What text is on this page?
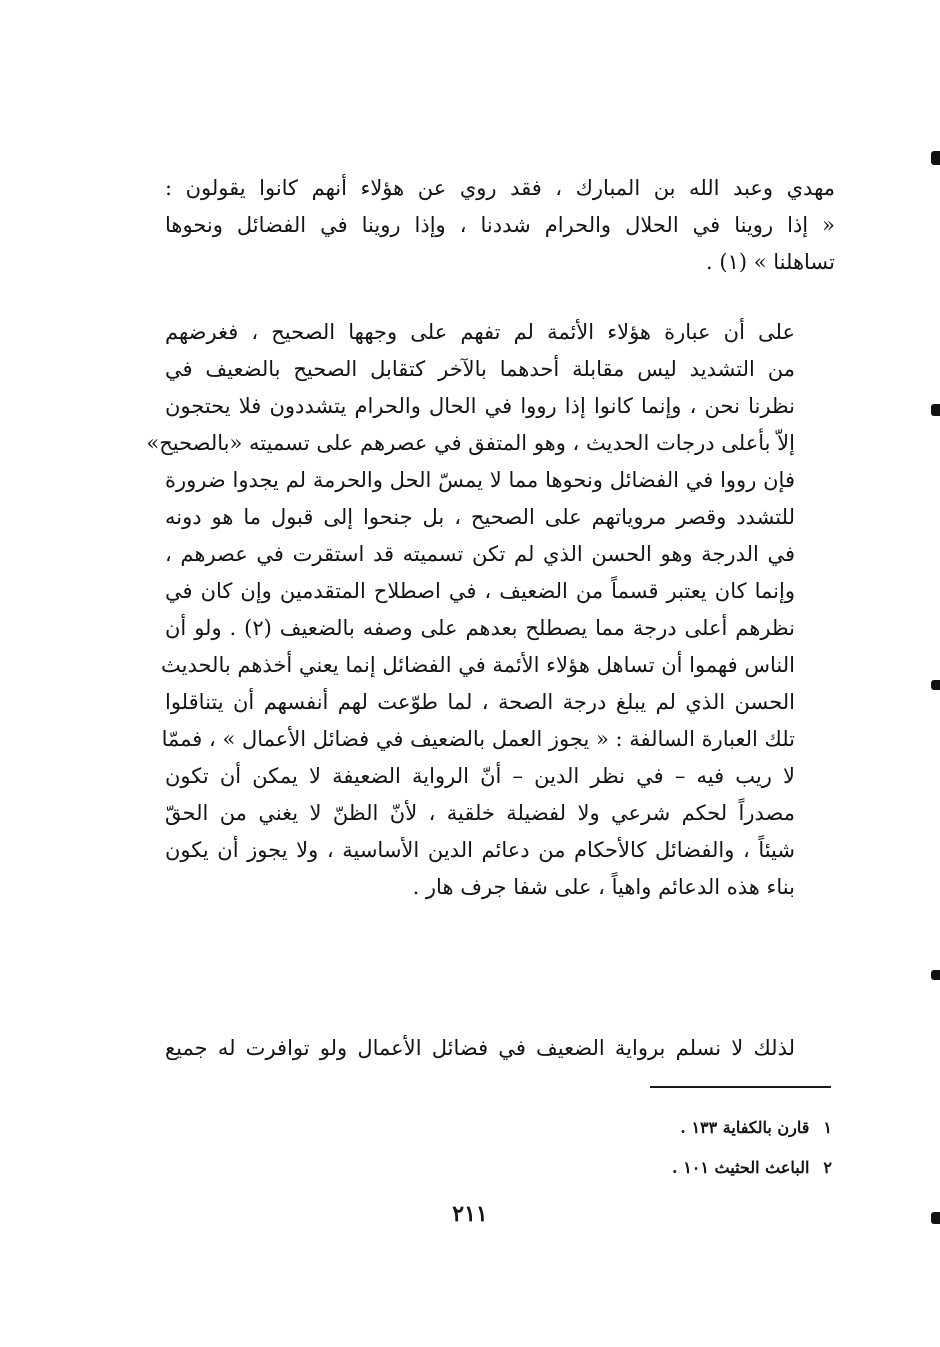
مهدي وعبد الله بن المبارك ، فقد روي عن هؤلاء أنهم كانوا يقولون :
« إذا روينا في الحلال والحرام شددنا ، وإذا روينا في الفضائل ونحوها
تساهلنا » (١) .
على أن عبارة هؤلاء الأئمة لم تفهم على وجهها الصحيح ، فغرضهم
من التشديد ليس مقابلة أحدهما بالآخر كتقابل الصحيح بالضعيف في
نظرنا نحن ، وإنما كانوا إذا رووا في الحال والحرام يتشددون فلا يحتجون
إلاّ بأعلى درجات الحديث ، وهو المتفق في عصرهم على تسميته «بالصحيح»
فإن رووا في الفضائل ونحوها مما لا يمسّ الحل والحرمة لم يجدوا ضرورة
للتشدد وقصر مروياتهم على الصحيح ، بل جنحوا إلى قبول ما هو دونه
في الدرجة وهو الحسن الذي لم تكن تسميته قد استقرت في عصرهم ،
وإنما كان يعتبر قسماً من الضعيف ، في اصطلاح المتقدمين وإن كان في
نظرهم أعلى درجة مما يصطلح بعدهم على وصفه بالضعيف (٢) . ولو أن
الناس فهموا أن تساهل هؤلاء الأئمة في الفضائل إنما يعني أخذهم بالحديث
الحسن الذي لم يبلغ درجة الصحة ، لما طوّعت لهم أنفسهم أن يتناقلوا
تلك العبارة السالفة : « يجوز العمل بالضعيف في فضائل الأعمال » ، فممّا
لا ريب فيه – في نظر الدين – أنّ الرواية الضعيفة لا يمكن أن تكون
مصدراً لحكم شرعي ولا لفضيلة خلقية ، لأنّ الظنّ لا يغني من الحقّ
شيئاً ، والفضائل كالأحكام من دعائم الدين الأساسية ، ولا يجوز أن يكون
بناء هذه الدعائم واهياً ، على شفا جرف هار .
لذلك لا نسلم برواية الضعيف في فضائل الأعمال ولو توافرت له جميع
١قارن بالكفاية ١٣٣ .
٢الباعث الحثيث ١٠١ .
٢١١
